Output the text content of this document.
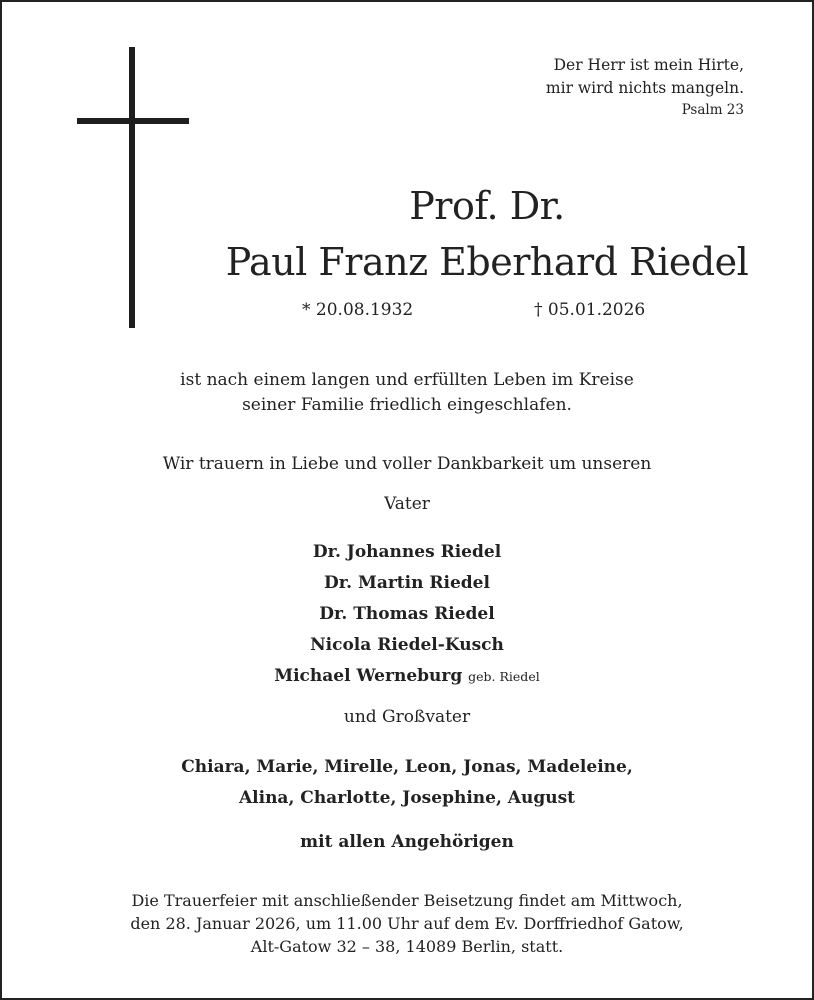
Der Herr ist mein Hirte,
mir wird nichts mangeln.
Psalm 23
Prof. Dr.
Paul Franz Eberhard Riedel
* 20.08.1932	† 05.01.2026
ist nach einem langen und erfüllten Leben im Kreise
seiner Familie friedlich eingeschlafen.
Wir trauern in Liebe und voller Dankbarkeit um unseren
Vater
Dr. Johannes Riedel
Dr. Martin Riedel
Dr. Thomas Riedel
Nicola Riedel-Kusch
Michael Werneburg geb. Riedel
und Großvater
Chiara, Marie, Mirelle, Leon, Jonas, Madeleine,
Alina, Charlotte, Josephine, August
mit allen Angehörigen
Die Trauerfeier mit anschließender Beisetzung findet am Mittwoch,
den 28. Januar 2026, um 11.00 Uhr auf dem Ev. Dorffriedhof Gatow,
Alt-Gatow 32 – 38, 14089 Berlin, statt.
